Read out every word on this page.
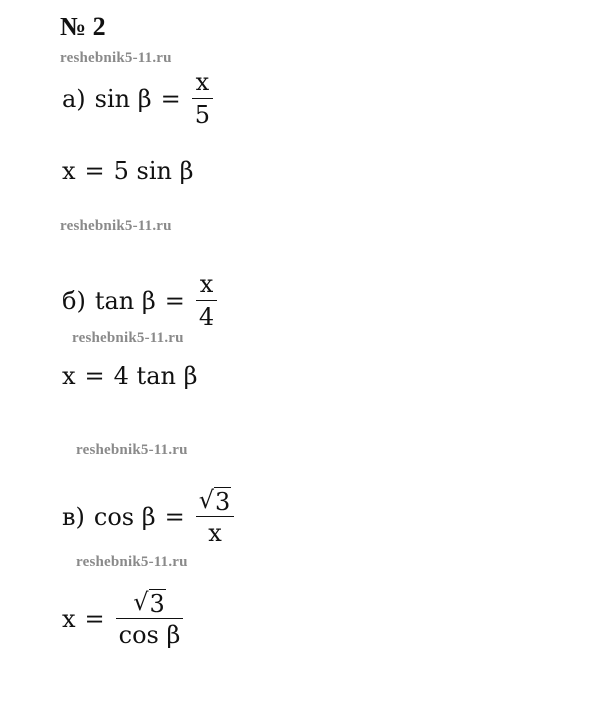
№ 2
reshebnik5-11.ru
reshebnik5-11.ru
reshebnik5-11.ru
reshebnik5-11.ru
reshebnik5-11.ru
а) $\sin \beta = \frac{x}{5}$
x = 5 sin β
б) $\tan \beta = \frac{x}{4}$
x = 4 tan β
в) $\cos \beta = \frac{√ 3}{x}$
$x = \frac{√ 3}{\text{cos β}}$
